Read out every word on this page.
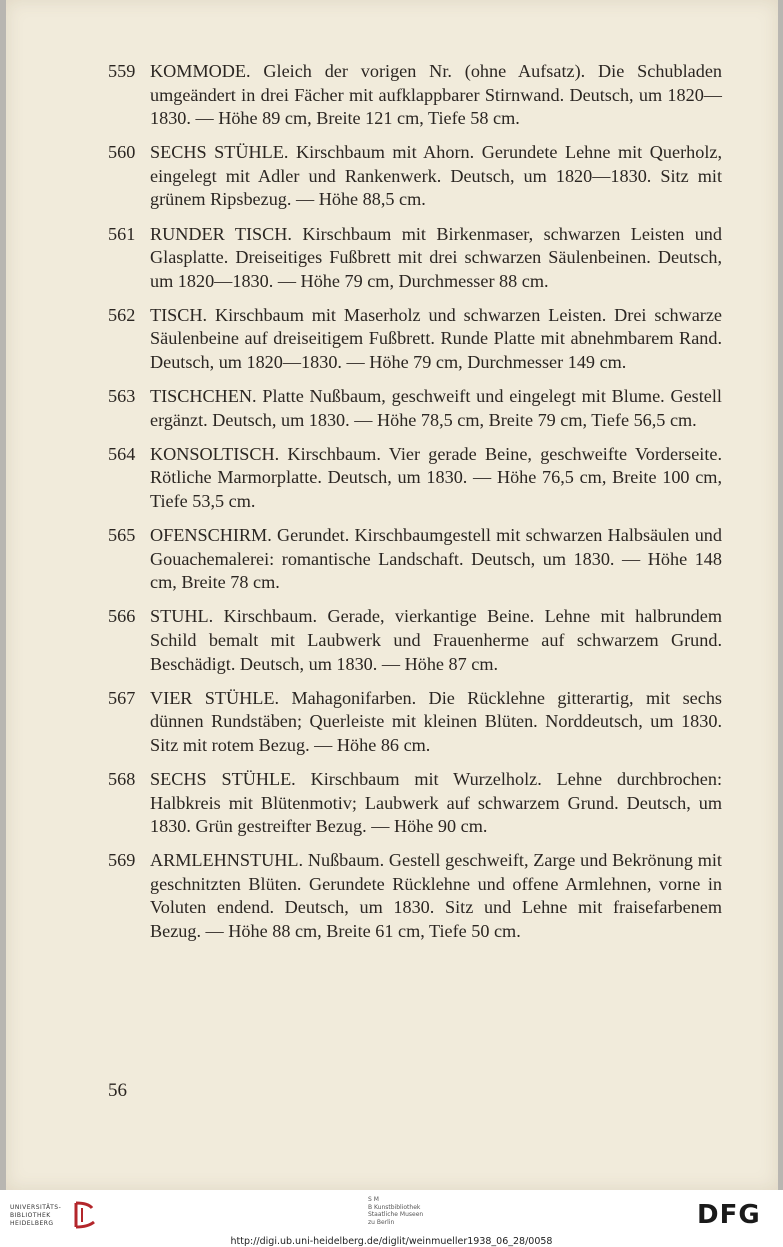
559 KOMMODE. Gleich der vorigen Nr. (ohne Aufsatz). Die Schubladen umgeändert in drei Fächer mit aufklappbarer Stirnwand. Deutsch, um 1820—1830. — Höhe 89 cm, Breite 121 cm, Tiefe 58 cm.
560 SECHS STÜHLE. Kirschbaum mit Ahorn. Gerundete Lehne mit Querholz, eingelegt mit Adler und Rankenwerk. Deutsch, um 1820—1830. Sitz mit grünem Ripsbezug. — Höhe 88,5 cm.
561 RUNDER TISCH. Kirschbaum mit Birkenmaser, schwarzen Leisten und Glasplatte. Dreiseitiges Fußbrett mit drei schwarzen Säulenbeinen. Deutsch, um 1820—1830. — Höhe 79 cm, Durchmesser 88 cm.
562 TISCH. Kirschbaum mit Maserholz und schwarzen Leisten. Drei schwarze Säulenbeine auf dreiseitigem Fußbrett. Runde Platte mit abnehmbarem Rand. Deutsch, um 1820—1830. — Höhe 79 cm, Durchmesser 149 cm.
563 TISCHCHEN. Platte Nußbaum, geschweift und eingelegt mit Blume. Gestell ergänzt. Deutsch, um 1830. — Höhe 78,5 cm, Breite 79 cm, Tiefe 56,5 cm.
564 KONSOLTISCH. Kirschbaum. Vier gerade Beine, geschweifte Vorderseite. Rötliche Marmorplatte. Deutsch, um 1830. — Höhe 76,5 cm, Breite 100 cm, Tiefe 53,5 cm.
565 OFENSCHIRM. Gerundet. Kirschbaumgestell mit schwarzen Halbsäulen und Gouachemalerei: romantische Landschaft. Deutsch, um 1830. — Höhe 148 cm, Breite 78 cm.
566 STUHL. Kirschbaum. Gerade, vierkantige Beine. Lehne mit halbrundem Schild bemalt mit Laubwerk und Frauenherme auf schwarzem Grund. Beschädigt. Deutsch, um 1830. — Höhe 87 cm.
567 VIER STÜHLE. Mahagonifarben. Die Rücklehne gitterartig, mit sechs dünnen Rundstäben; Querleiste mit kleinen Blüten. Norddeutsch, um 1830. Sitz mit rotem Bezug. — Höhe 86 cm.
568 SECHS STÜHLE. Kirschbaum mit Wurzelholz. Lehne durchbrochen: Halbkreis mit Blütenmotiv; Laubwerk auf schwarzem Grund. Deutsch, um 1830. Grün gestreifter Bezug. — Höhe 90 cm.
569 ARMLEHNSTUHL. Nußbaum. Gestell geschweift, Zarge und Bekrönung mit geschnitzten Blüten. Gerundete Rücklehne und offene Armlehnen, vorne in Voluten endend. Deutsch, um 1830. Sitz und Lehne mit fraisefarbenem Bezug. — Höhe 88 cm, Breite 61 cm, Tiefe 50 cm.
56
UNIVERSITÄTS-
BIBLIOTHEK
HEIDELBERG
S M
B Kunstbibliothek
Staatliche Museen
zu Berlin	DFG
http://digi.ub.uni-heidelberg.de/diglit/weinmueller1938_06_28/0058
